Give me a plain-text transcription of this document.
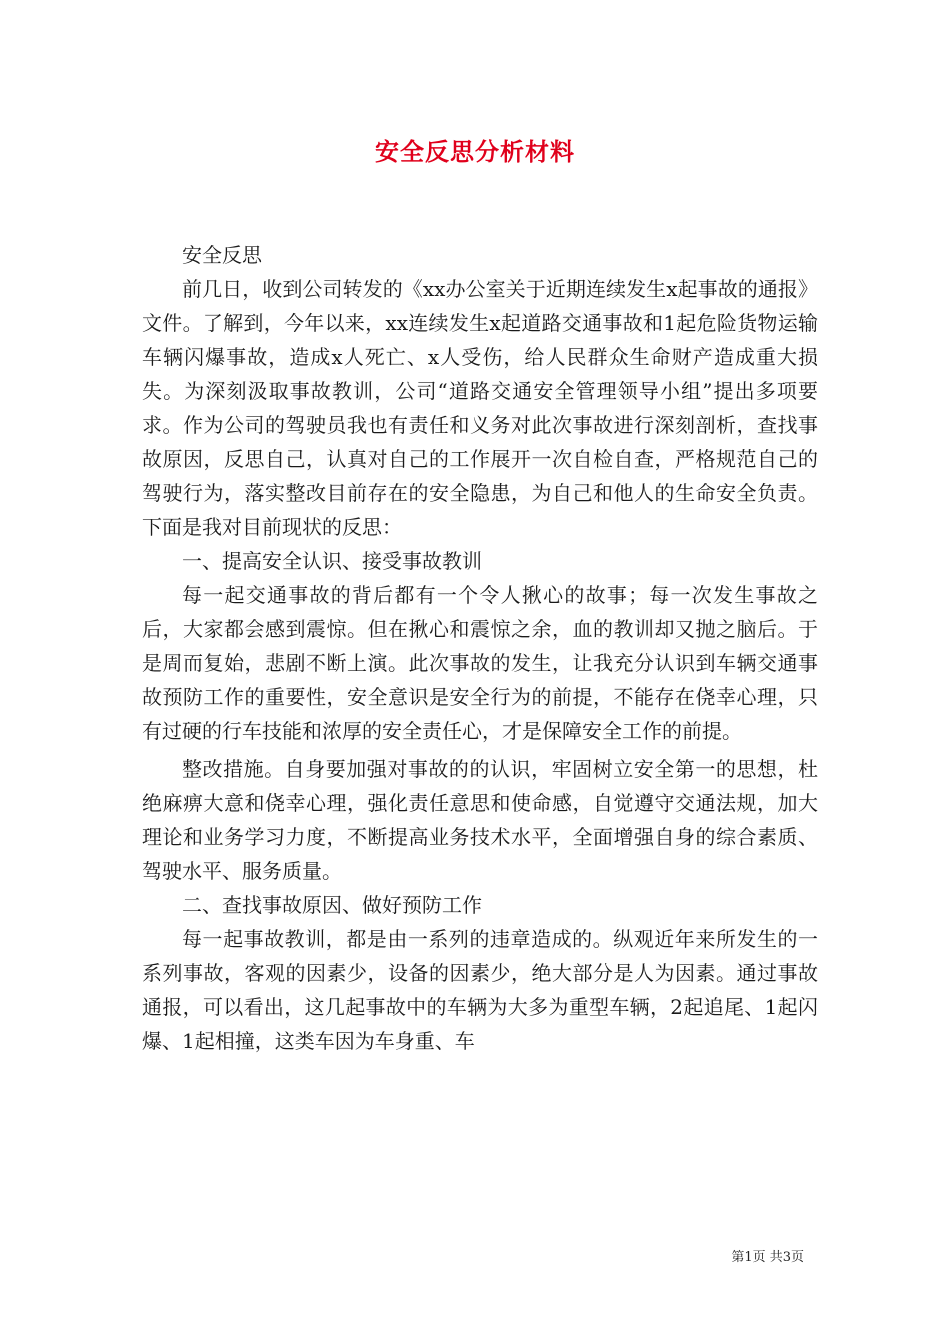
安全反思分析材料

安全反思

前几日，收到公司转发的《xx办公室关于近期连续发生x起事故的通报》文件。了解到，今年以来，xx连续发生x起道路交通事故和1起危险货物运输车辆闪爆事故，造成x人死亡、x人受伤，给人民群众生命财产造成重大损失。为深刻汲取事故教训，公司“道路交通安全管理领导小组”提出多项要求。作为公司的驾驶员我也有责任和义务对此次事故进行深刻剖析，查找事故原因，反思自己，认真对自己的工作展开一次自检自查，严格规范自己的驾驶行为，落实整改目前存在的安全隐患，为自己和他人的生命安全负责。下面是我对目前现状的反思：

一、提高安全认识、接受事故教训

每一起交通事故的背后都有一个令人揪心的故事；每一次发生事故之后，大家都会感到震惊。但在揪心和震惊之余，血的教训却又抛之脑后。于是周而复始，悲剧不断上演。此次事故的发生，让我充分认识到车辆交通事故预防工作的重要性，安全意识是安全行为的前提，不能存在侥幸心理，只有过硬的行车技能和浓厚的安全责任心，才是保障安全工作的前提。

整改措施。自身要加强对事故的的认识，牢固树立安全第一的思想，杜绝麻痹大意和侥幸心理，强化责任意思和使命感，自觉遵守交通法规，加大理论和业务学习力度，不断提高业务技术水平，全面增强自身的综合素质、驾驶水平、服务质量。

二、查找事故原因、做好预防工作

每一起事故教训，都是由一系列的违章造成的。纵观近年来所发生的一系列事故，客观的因素少，设备的因素少，绝大部分是人为因素。通过事故通报，可以看出，这几起事故中的车辆为大多为重型车辆，2起追尾、1起闪爆、1起相撞，这类车因为车身重、车

第1页 共3页
